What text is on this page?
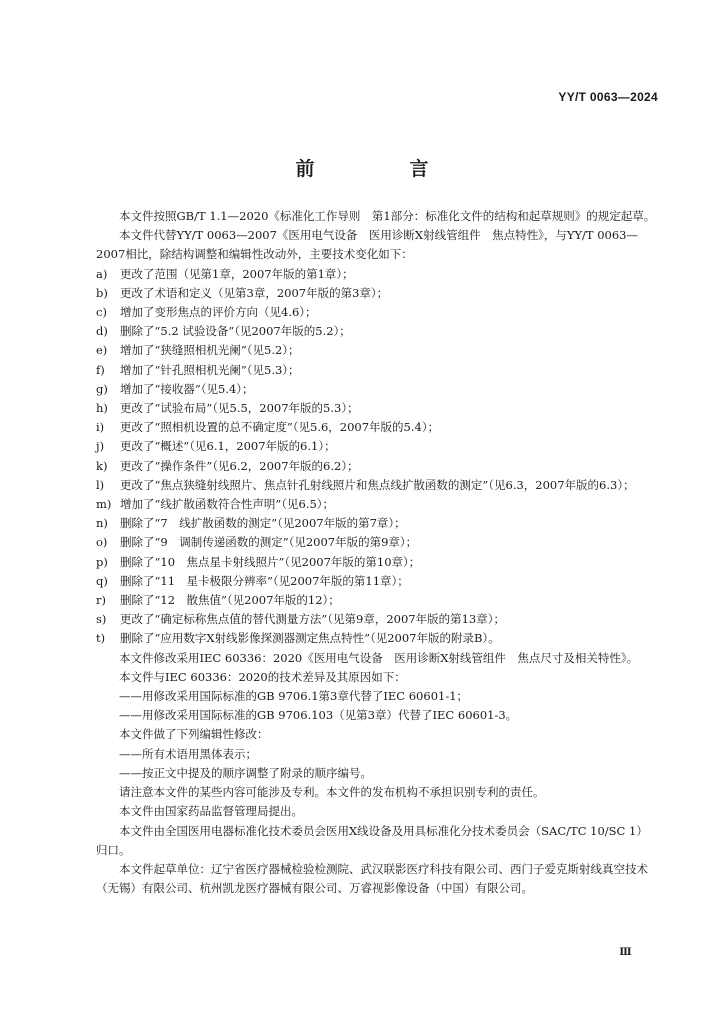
YY/T 0063—2024
前　言

本文件按照GB/T 1.1—2020《标准化工作导则　第1部分：标准化文件的结构和起草规则》的规定起草。

本文件代替YY/T 0063—2007《医用电气设备　医用诊断X射线管组件　焦点特性》，与YY/T 0063—2007相比，除结构调整和编辑性改动外，主要技术变化如下：

a)	更改了范围（见第1章，2007年版的第1章）；
b)	更改了术语和定义（见第3章，2007年版的第3章）；
c)	增加了变形焦点的评价方向（见4.6）；
d)	删除了“5.2 试验设备”（见2007年版的5.2）；
e)	增加了“狭缝照相机光阑”（见5.2）；
f)	增加了“针孔照相机光阑”（见5.3）；
g)	增加了“接收器”（见5.4）；
h)	更改了“试验布局”（见5.5，2007年版的5.3）；
i)	更改了“照相机设置的总不确定度”（见5.6，2007年版的5.4）；
j)	更改了“概述”（见6.1，2007年版的6.1）；
k)	更改了“操作条件”（见6.2，2007年版的6.2）；
l)	更改了“焦点狭缝射线照片、焦点针孔射线照片和焦点线扩散函数的测定”（见6.3，2007年版的6.3）；
m) 增加了“线扩散函数符合性声明”（见6.5）；
n)	删除了“7　线扩散函数的测定”（见2007年版的第7章）；
o)	删除了“9　调制传递函数的测定”（见2007年版的第9章）；
p)	删除了“10　焦点星卡射线照片”（见2007年版的第10章）；
q)	删除了“11　星卡极限分辨率”（见2007年版的第11章）；
r)	删除了“12　散焦值”（见2007年版的12）；
s)	更改了“确定标称焦点值的替代测量方法”（见第9章，2007年版的第13章）；
t)	删除了“应用数字X射线影像探测器测定焦点特性”（见2007年版的附录B）。

本文件修改采用IEC 60336：2020《医用电气设备　医用诊断X射线管组件　焦点尺寸及相关特性》。

本文件与IEC 60336：2020的技术差异及其原因如下：

——用修改采用国际标准的GB 9706.1第3章代替了IEC 60601-1；

——用修改采用国际标准的GB 9706.103（见第3章）代替了IEC 60601-3。

本文件做了下列编辑性修改：

——所有术语用黑体表示；

——按正文中提及的顺序调整了附录的顺序编号。

请注意本文件的某些内容可能涉及专利。本文件的发布机构不承担识别专利的责任。

本文件由国家药品监督管理局提出。

本文件由全国医用电器标准化技术委员会医用X线设备及用具标准化分技术委员会（SAC/TC 10/SC 1）归口。

本文件起草单位：辽宁省医疗器械检验检测院、武汉联影医疗科技有限公司、西门子爱克斯射线真空技术（无锡）有限公司、杭州凯龙医疗器械有限公司、万睿视影像设备（中国）有限公司。

Ⅲ
